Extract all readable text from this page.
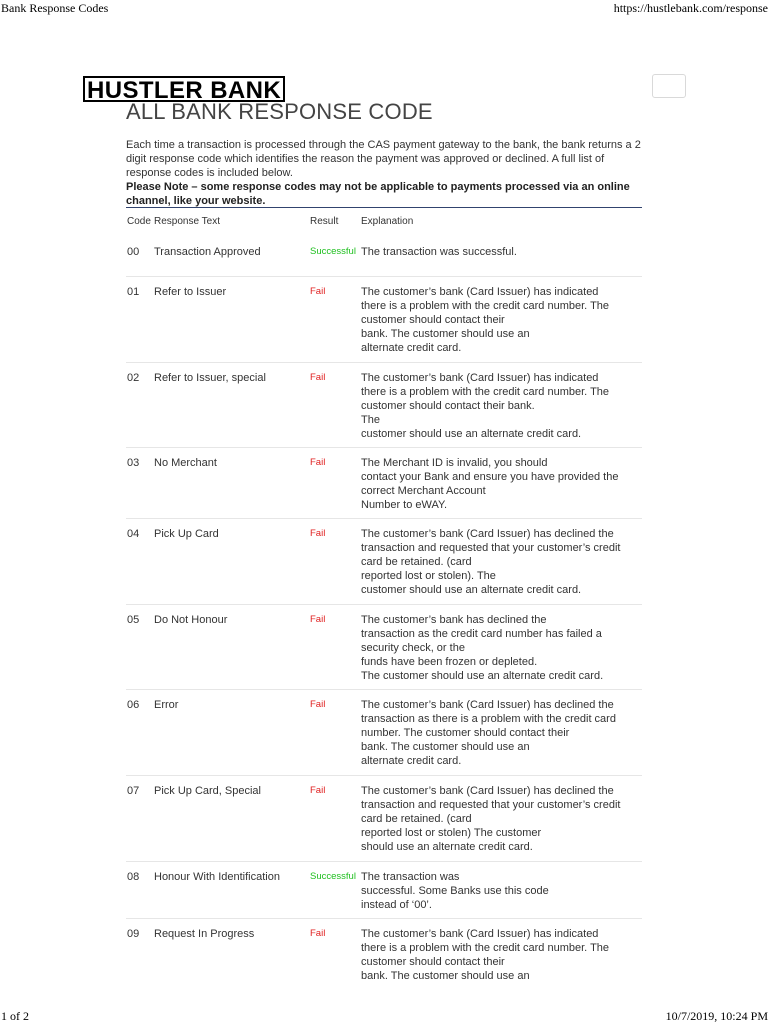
Bank Response Codes	https://hustlebank.com/response
HUSTLER BANK
ALL BANK RESPONSE CODE
Each time a transaction is processed through the CAS payment gateway to the bank, the bank returns a 2 digit response code which identifies the reason the payment was approved or declined. A full list of response codes is included below.
Please Note – some response codes may not be applicable to payments processed via an online channel, like your website.
Code Response Text	Result Explanation
00 Transaction Approved	Successful The transaction was successful.
01 Refer to Issuer	Fail	The customer’s bank (Card Issuer) has indicated
there is a problem with the credit card number. The
customer should contact their
bank. The customer should use an
alternate credit card.
02 Refer to Issuer, special	Fail	The customer’s bank (Card Issuer) has indicated
there is a problem with the credit card number. The
customer should contact their bank.
The
customer should use an alternate credit card.
03 No Merchant	Fail	The Merchant ID is invalid, you should
contact your Bank and ensure you have provided the
correct Merchant Account
Number to eWAY.
04 Pick Up Card	Fail	The customer’s bank (Card Issuer) has declined the
transaction and requested that your customer’s credit
card be retained. (card
reported lost or stolen). The
customer should use an alternate credit card.
05 Do Not Honour	Fail	The customer’s bank has declined the
transaction as the credit card number has failed a
security check, or the
funds have been frozen or depleted.
The customer should use an alternate credit card.
06 Error	Fail	The customer’s bank (Card Issuer) has declined the
transaction as there is a problem with the credit card
number. The customer should contact their
bank. The customer should use an
alternate credit card.
07 Pick Up Card, Special	Fail	The customer’s bank (Card Issuer) has declined the
transaction and requested that your customer’s credit
card be retained. (card
reported lost or stolen) The customer
should use an alternate credit card.
08 Honour With Identification	Successful The transaction was
successful. Some Banks use this code
instead of ‘00’.
09 Request In Progress	Fail	The customer’s bank (Card Issuer) has indicated
there is a problem with the credit card number. The
customer should contact their
bank. The customer should use an
1 of 2	10/7/2019, 10:24 PM
